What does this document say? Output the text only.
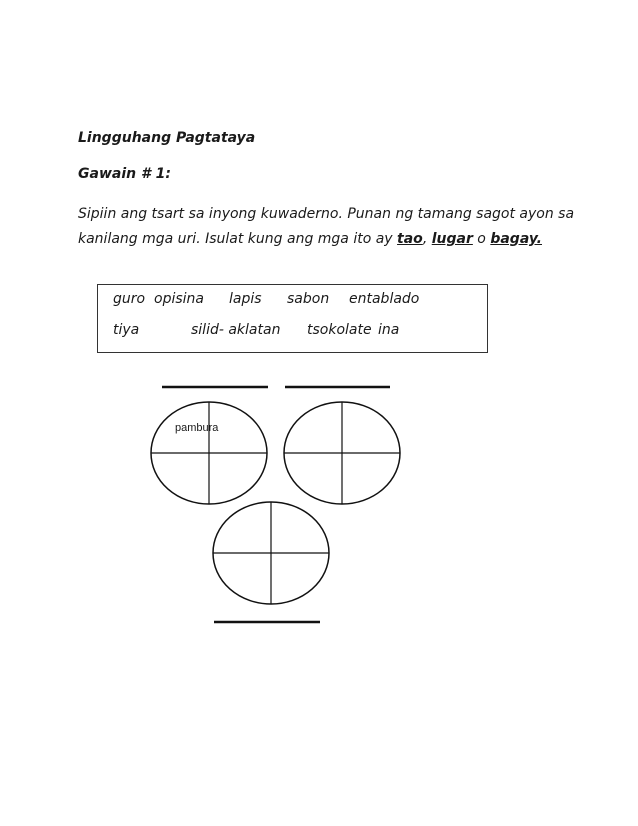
Lingguhang Pagtataya
Gawain # 1:
Sipiin ang tsart sa inyong kuwaderno. Punan ng tamang sagot ayon sa kanilang mga uri. Isulat kung ang mga ito ay tao, lugar o bagay.
guro opisina lapis sabon entablado
tiya	silid- aklatan tsokolate ina
pambura
